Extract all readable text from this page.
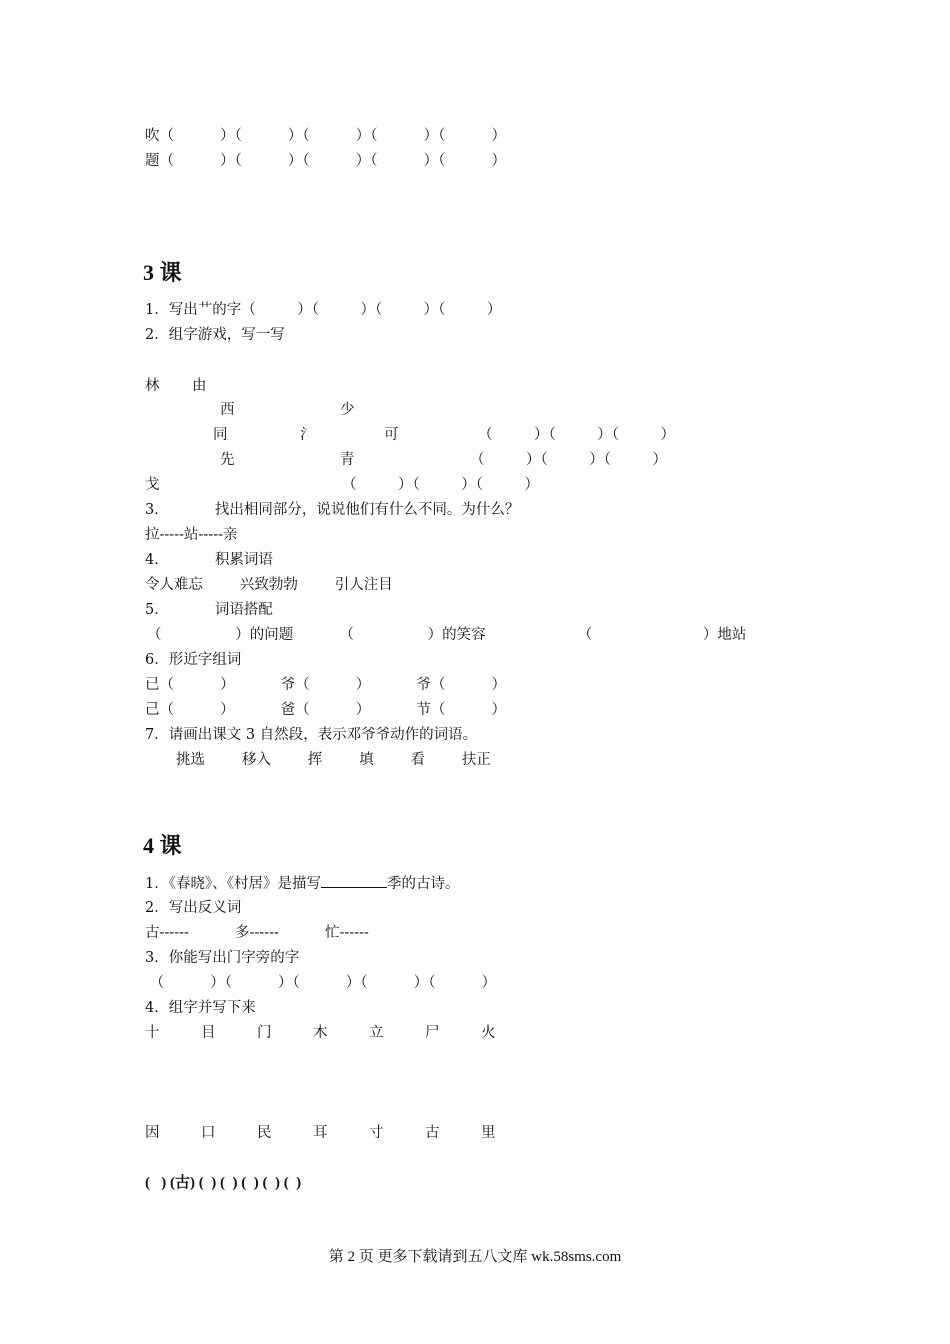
吹（          ）（          ）（          ）（          ）（          ）
题（          ）（          ）（          ）（          ）（          ）
3 课
1．写出艹的字（         ）（         ）（         ）（         ）
2．组字游戏，写一写
林 由
西	少
同	氵	可	（         ）（         ）（         ）
先	青	（         ）（         ）（         ）
戈	（         ）（         ）（         ）
3．          找出相同部分，说说他们有什么不同。为什么？
拉-----站-----亲
4．          积累词语
令人难忘        兴致勃勃        引人注目
5．          词语搭配
（                ）的问题          （                ）的笑容                    （                        ）地站
6．形近字组词
已（          ）          爷（          ）          爷（          ）
己（          ）          爸（          ）          节（          ）
7．请画出课文 3 自然段，表示邓爷爷动作的词语。
挑选        移入        挥        填        看        扶正
4 课
1．《春晓》、《村居》是描写	季的古诗。
2．写出反义词
古------          多------          忙------
3．你能写出门字旁的字
（          ）（          ）（          ）（          ）（          ）
4．组字并写下来
十	目	门	木	立	尸	火
因	口	民	耳	寸	古	里
(   ) (古) (  ) (  ) (  ) (  ) (  )
第 2 页 更多下载请到五八文库 wk.58sms.com
